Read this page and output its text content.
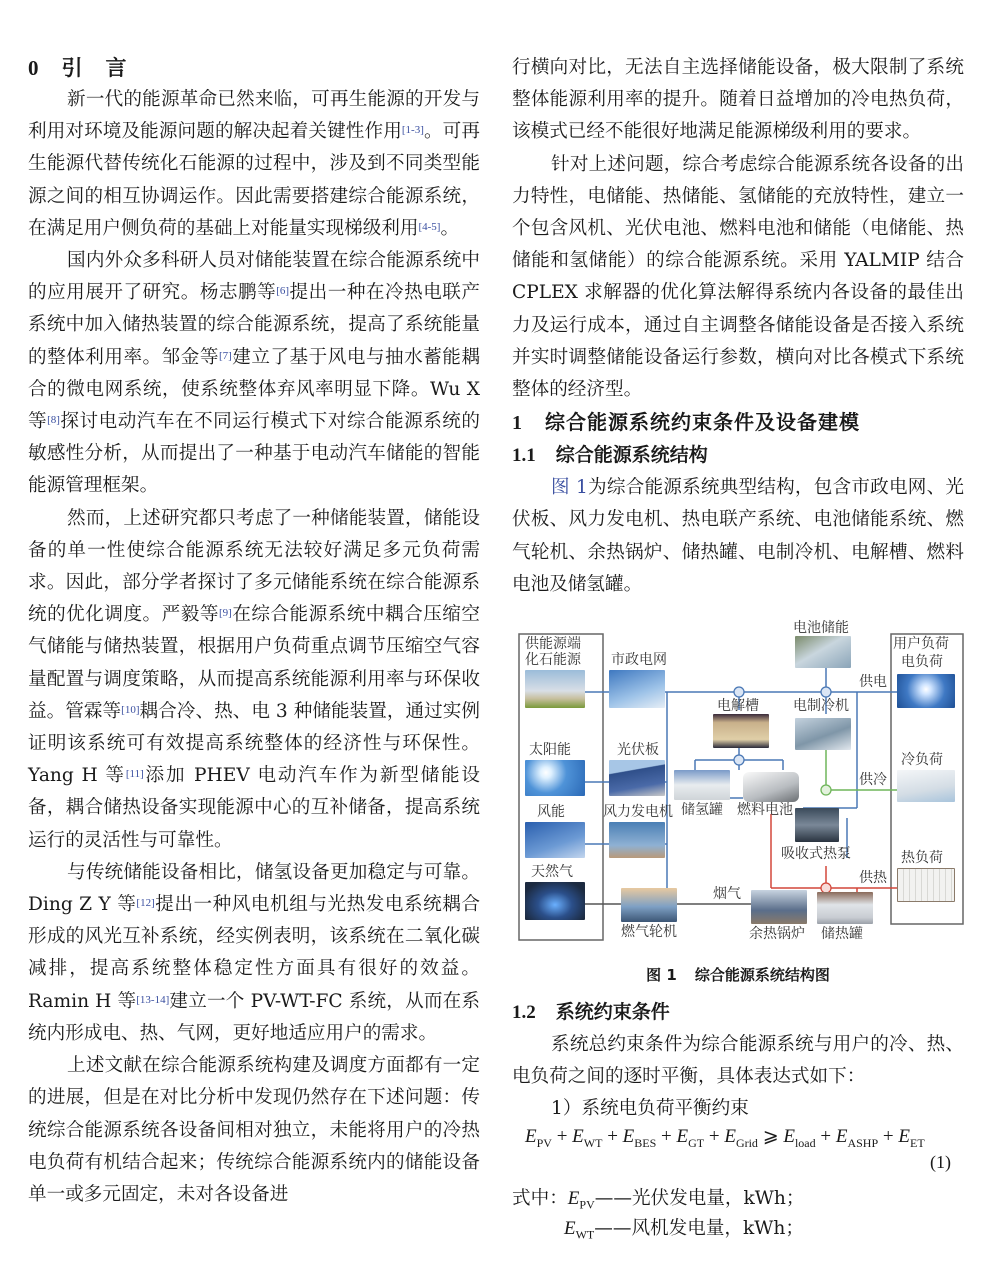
0 引　言

新一代的能源革命已然来临，可再生能源的开发与利用对环境及能源问题的解决起着关键性作用[1-3]。可再生能源代替传统化石能源的过程中，涉及到不同类型能源之间的相互协调运作。因此需要搭建综合能源系统，在满足用户侧负荷的基础上对能量实现梯级利用[4-5]。

国内外众多科研人员对储能装置在综合能源系统中的应用展开了研究。杨志鹏等[6]提出一种在冷热电联产系统中加入储热装置的综合能源系统，提高了系统能量的整体利用率。邹金等[7]建立了基于风电与抽水蓄能耦合的微电网系统，使系统整体弃风率明显下降。Wu X 等[8]探讨电动汽车在不同运行模式下对综合能源系统的敏感性分析，从而提出了一种基于电动汽车储能的智能能源管理框架。

然而，上述研究都只考虑了一种储能装置，储能设备的单一性使综合能源系统无法较好满足多元负荷需求。因此，部分学者探讨了多元储能系统在综合能源系统的优化调度。严毅等[9]在综合能源系统中耦合压缩空气储能与储热装置，根据用户负荷重点调节压缩空气容量配置与调度策略，从而提高系统能源利用率与环保收益。管霖等[10]耦合冷、热、电 3 种储能装置，通过实例证明该系统可有效提高系统整体的经济性与环保性。Yang H 等[11]添加 PHEV 电动汽车作为新型储能设备，耦合储热设备实现能源中心的互补储备，提高系统运行的灵活性与可靠性。

与传统储能设备相比，储氢设备更加稳定与可靠。Ding Z Y 等[12]提出一种风电机组与光热发电系统耦合形成的风光互补系统，经实例表明，该系统在二氧化碳减排，提高系统整体稳定性方面具有很好的效益。Ramin H 等[13-14]建立一个 PV-WT-FC 系统，从而在系统内形成电、热、气网，更好地适应用户的需求。

上述文献在综合能源系统构建及调度方面都有一定的进展，但是在对比分析中发现仍然存在下述问题：传统综合能源系统各设备间相对独立，未能将用户的冷热电负荷有机结合起来；传统综合能源系统内的储能设备单一或多元固定，未对各设备进

行横向对比，无法自主选择储能设备，极大限制了系统整体能源利用率的提升。随着日益增加的冷电热负荷，该模式已经不能很好地满足能源梯级利用的要求。

针对上述问题，综合考虑综合能源系统各设备的出力特性，电储能、热储能、氢储能的充放特性，建立一个包含风机、光伏电池、燃料电池和储能（电储能、热储能和氢储能）的综合能源系统。采用 YALMIP 结合 CPLEX 求解器的优化算法解得系统内各设备的最佳出力及运行成本，通过自主调整各储能设备是否接入系统并实时调整储能设备运行参数，横向对比各模式下系统整体的经济型。

1 综合能源系统约束条件及设备建模
1.1 综合能源系统结构

图 1为综合能源系统典型结构，包含市政电网、光伏板、风力发电机、热电联产系统、电池储能系统、燃气轮机、余热锅炉、储热罐、电制冷机、电解槽、燃料电池及储氢罐。

供能源端
化石能源 市政电网
太阳能	光伏板
风能	风力发电机
天然气
燃气轮机
烟气
余热锅炉 储热罐
电池储能
电解槽 电制冷机
储氢罐 燃料电池
吸收式热泵
用户负荷
电负荷
冷负荷
热负荷
供电
供冷
供热
图 1 综合能源系统结构图
1.2 系统约束条件

系统总约束条件为综合能源系统与用户的冷、热、电负荷之间的逐时平衡，具体表达式如下：

1）系统电负荷平衡约束

$E_{PV} + E_{WT} + E_{BES} + E_{GT} + E_{Grid}$ ⩾ $E_{load} + E_{ASHP} + E_{ET}$
(1)
式中：$E_{PV}——$光伏发电量，kWh；
$E_{WT}——$风机发电量，kWh；
